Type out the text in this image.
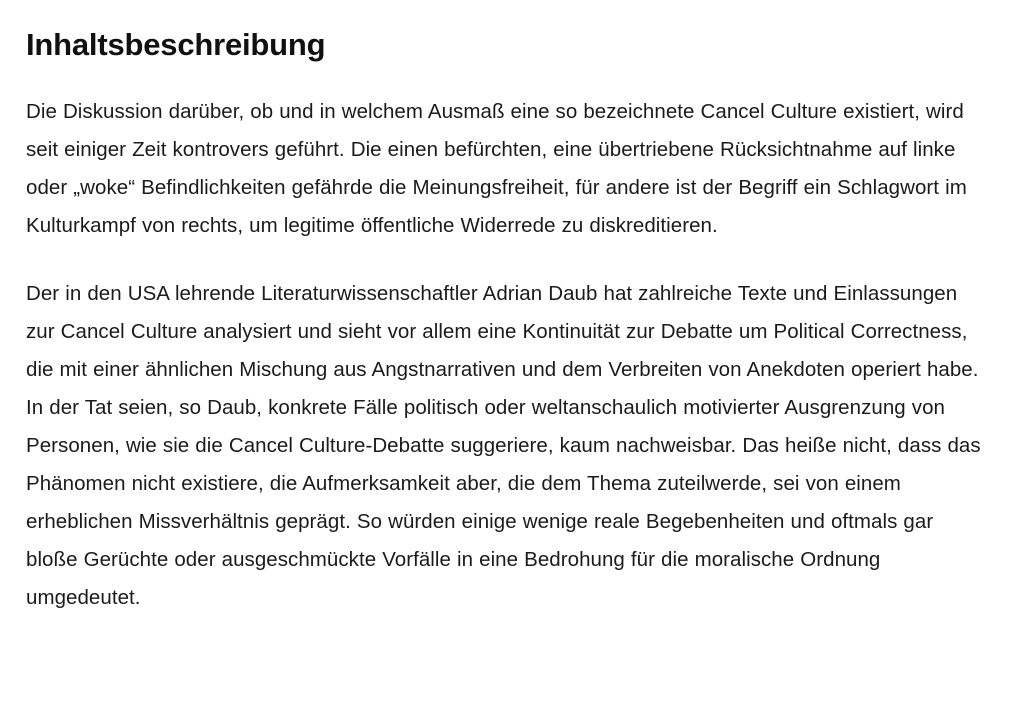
Inhaltsbeschreibung

Die Diskussion darüber, ob und in welchem Ausmaß eine so bezeichnete Cancel Culture existiert, wird seit einiger Zeit kontrovers geführt. Die einen befürchten, eine übertriebene Rücksichtnahme auf linke oder „woke“ Befindlichkeiten gefährde die Meinungsfreiheit, für andere ist der Begriff ein Schlagwort im Kulturkampf von rechts, um legitime öffentliche Widerrede zu diskreditieren.

Der in den USA lehrende Literaturwissenschaftler Adrian Daub hat zahlreiche Texte und Einlassungen zur Cancel Culture analysiert und sieht vor allem eine Kontinuität zur Debatte um Political Correctness, die mit einer ähnlichen Mischung aus Angstnarrativen und dem Verbreiten von Anekdoten operiert habe. In der Tat seien, so Daub, konkrete Fälle politisch oder weltanschaulich motivierter Ausgrenzung von Personen, wie sie die Cancel Culture-Debatte suggeriere, kaum nachweisbar. Das heiße nicht, dass das Phänomen nicht existiere, die Aufmerksamkeit aber, die dem Thema zuteilwerde, sei von einem erheblichen Missverhältnis geprägt. So würden einige wenige reale Begebenheiten und oftmals gar bloße Gerüchte oder ausgeschmückte Vorfälle in eine Bedrohung für die moralische Ordnung umgedeutet.
